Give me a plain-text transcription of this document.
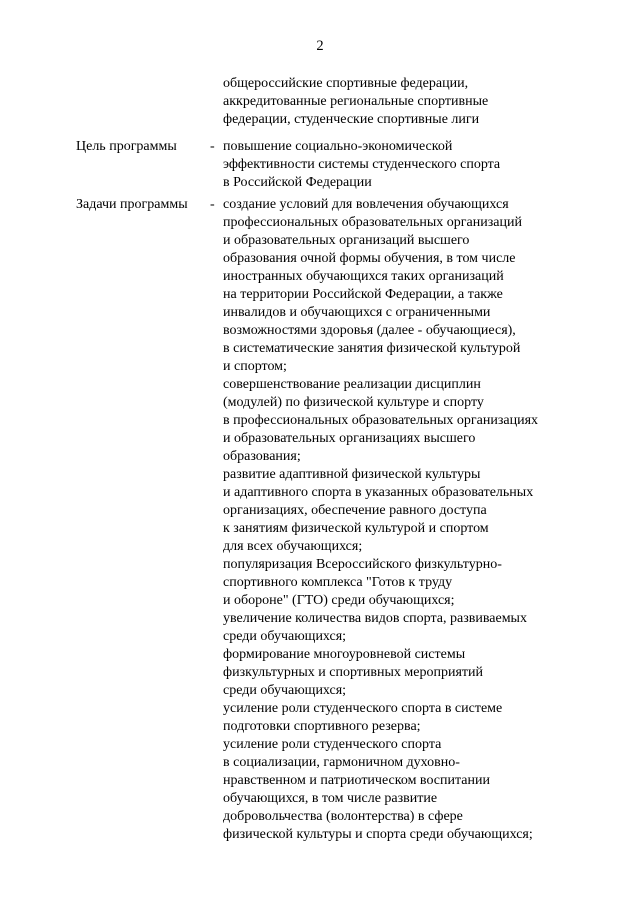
2
общероссийские спортивные федерации,
аккредитованные региональные спортивные
федерации, студенческие спортивные лиги
Цель программы - повышение социально-экономической
эффективности системы студенческого спорта
в Российской Федерации
Задачи программы - создание условий для вовлечения обучающихся
профессиональных образовательных организаций
и образовательных организаций высшего
образования очной формы обучения, в том числе
иностранных обучающихся таких организаций
на территории Российской Федерации, а также
инвалидов и обучающихся с ограниченными
возможностями здоровья (далее - обучающиеся),
в систематические занятия физической культурой
и спортом;
совершенствование реализации дисциплин
(модулей) по физической культуре и спорту
в профессиональных образовательных организациях
и образовательных организациях высшего
образования;
развитие адаптивной физической культуры
и адаптивного спорта в указанных образовательных
организациях, обеспечение равного доступа
к занятиям физической культурой и спортом
для всех обучающихся;
популяризация Всероссийского физкультурно-
спортивного комплекса "Готов к труду
и обороне" (ГТО) среди обучающихся;
увеличение количества видов спорта, развиваемых
среди обучающихся;
формирование многоуровневой системы
физкультурных и спортивных мероприятий
среди обучающихся;
усиление роли студенческого спорта в системе
подготовки спортивного резерва;
усиление роли студенческого спорта
в социализации, гармоничном духовно-
нравственном и патриотическом воспитании
обучающихся, в том числе развитие
добровольчества (волонтерства) в сфере
физической культуры и спорта среди обучающихся;
